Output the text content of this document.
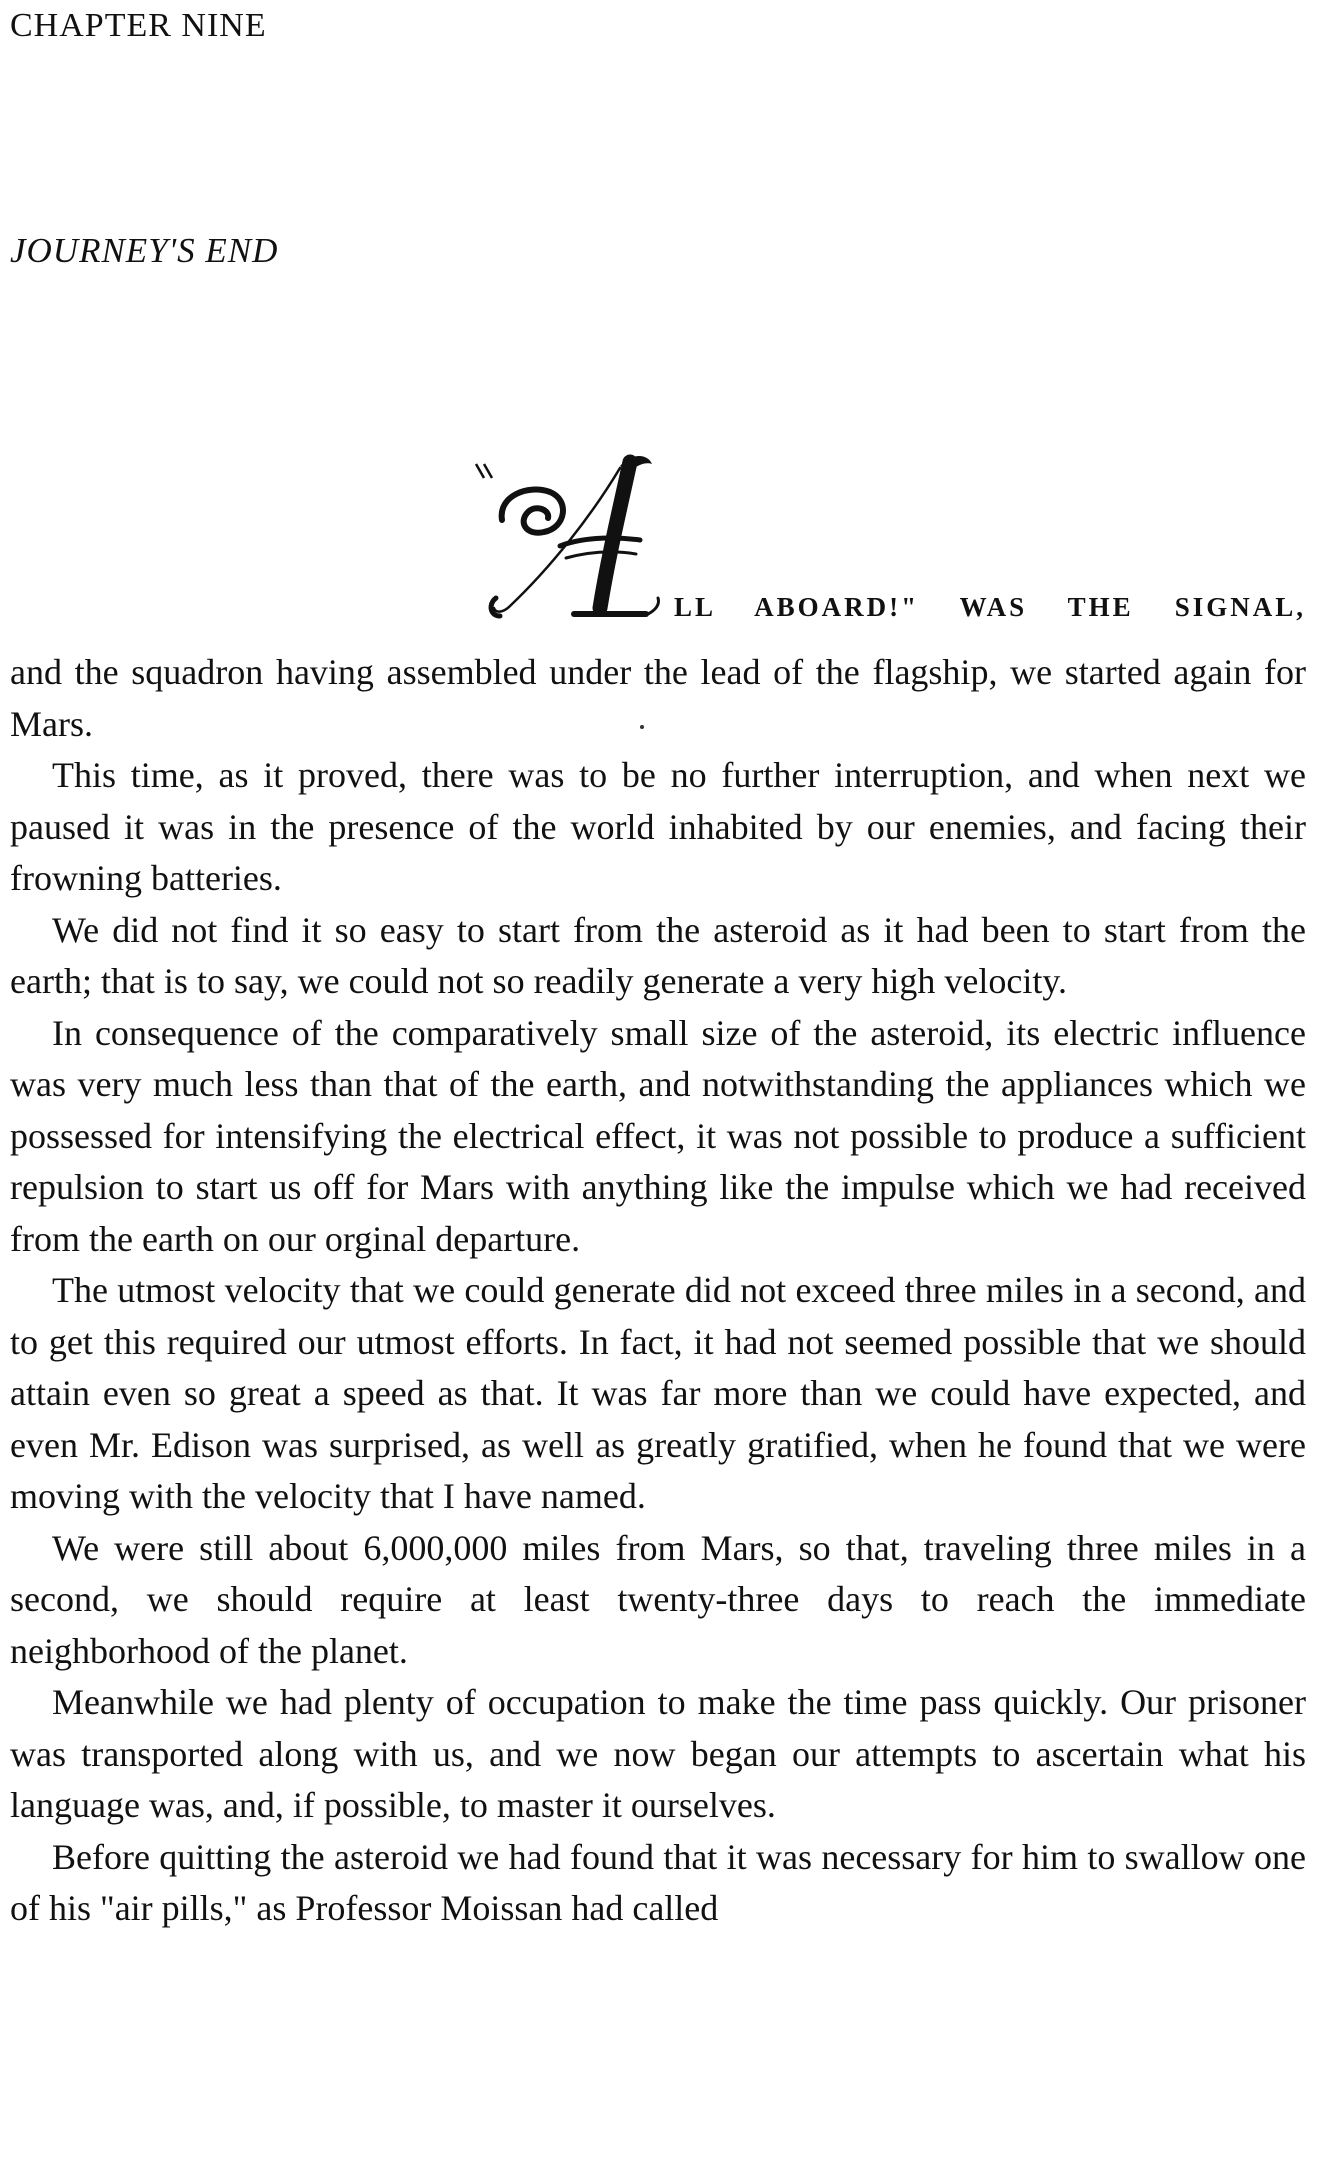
CHAPTER NINE
JOURNEY'S END

LL ABOARD!" WAS THE SIGNAL,

and the squadron having assembled under the lead of the flagship, we started again for Mars.

This time, as it proved, there was to be no further interruption, and when next we paused it was in the presence of the world inhabited by our enemies, and facing their frowning batteries.

We did not find it so easy to start from the asteroid as it had been to start from the earth; that is to say, we could not so readily generate a very high velocity.

In consequence of the comparatively small size of the asteroid, its electric influence was very much less than that of the earth, and notwithstanding the appliances which we possessed for intensifying the electrical effect, it was not possible to produce a sufficient repulsion to start us off for Mars with anything like the impulse which we had received from the earth on our orginal departure.

The utmost velocity that we could generate did not exceed three miles in a second, and to get this required our utmost efforts. In fact, it had not seemed possible that we should attain even so great a speed as that. It was far more than we could have expected, and even Mr. Edison was surprised, as well as greatly gratified, when he found that we were moving with the velocity that I have named.

We were still about 6,000,000 miles from Mars, so that, traveling three miles in a second, we should require at least twenty-three days to reach the immediate neighborhood of the planet.

Meanwhile we had plenty of occupation to make the time pass quickly. Our prisoner was transported along with us, and we now began our attempts to ascertain what his language was, and, if possible, to master it ourselves.

Before quitting the asteroid we had found that it was necessary for him to swallow one of his "air pills," as Professor Moissan had called
